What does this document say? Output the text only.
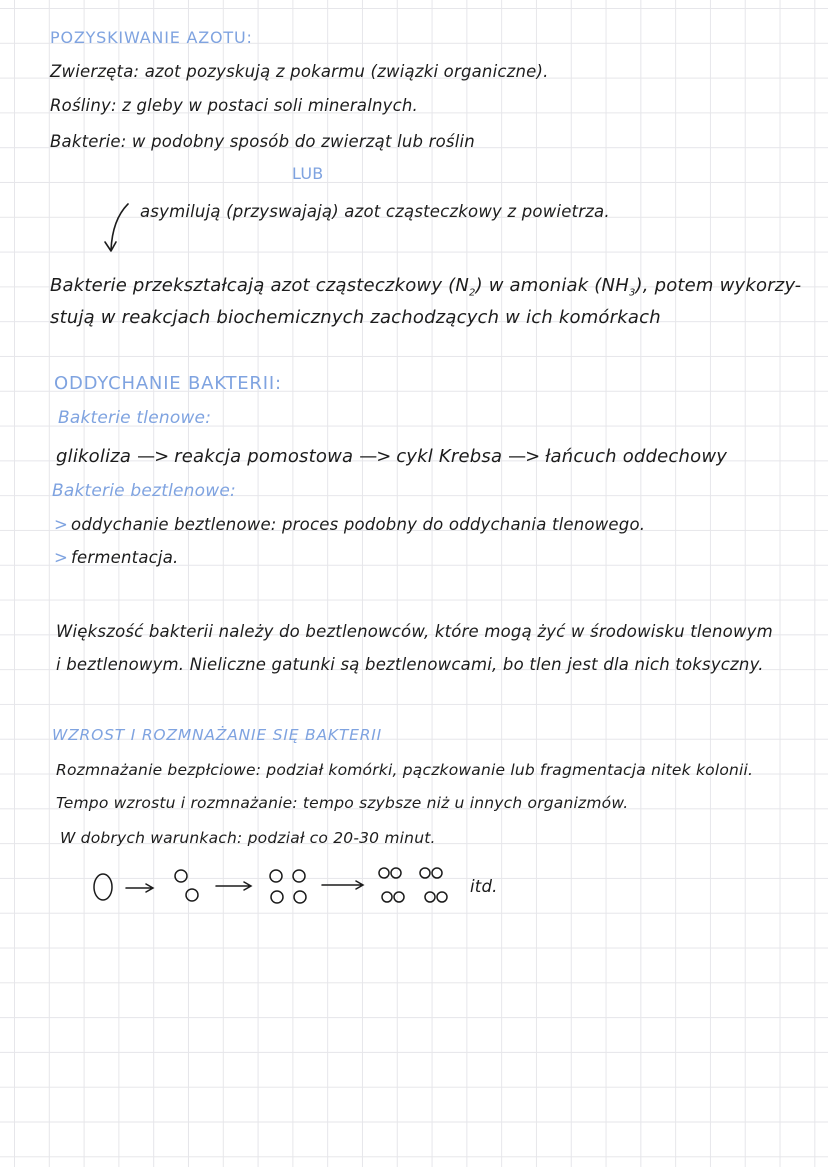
POZYSKIWANIE AZOTU:
Zwierzęta: azot pozyskują z pokarmu (związki organiczne).
Rośliny: z gleby w postaci soli mineralnych.
Bakterie: w podobny sposób do zwierząt lub roślin
LUB
asymilują (przyswajają) azot cząsteczkowy z powietrza.
Bakterie przekształcają azot cząsteczkowy $(N_2)$ w amoniak $(NH_3)$, potem wykorzy-
stują w reakcjach biochemicznych zachodzących w ich komórkach
ODDYCHANIE BAKTERII:
Bakterie tlenowe:
glikoliza —> reakcja pomostowa —> cykl Krebsa —> łańcuch oddechowy
Bakterie beztlenowe:
> oddychanie beztlenowe: proces podobny do oddychania tlenowego.
> fermentacja.
Większość bakterii należy do beztlenowców, które mogą żyć w środowisku tlenowym
i beztlenowym. Nieliczne gatunki są beztlenowcami, bo tlen jest dla nich toksyczny.
WZROST I ROZMNAŻANIE SIĘ BAKTERII
Rozmnażanie bezpłciowe: podział komórki, pączkowanie lub fragmentacja nitek kolonii.
Tempo wzrostu i rozmnażanie: tempo szybsze niż u innych organizmów.
W dobrych warunkach: podział co 20-30 minut.
itd.
